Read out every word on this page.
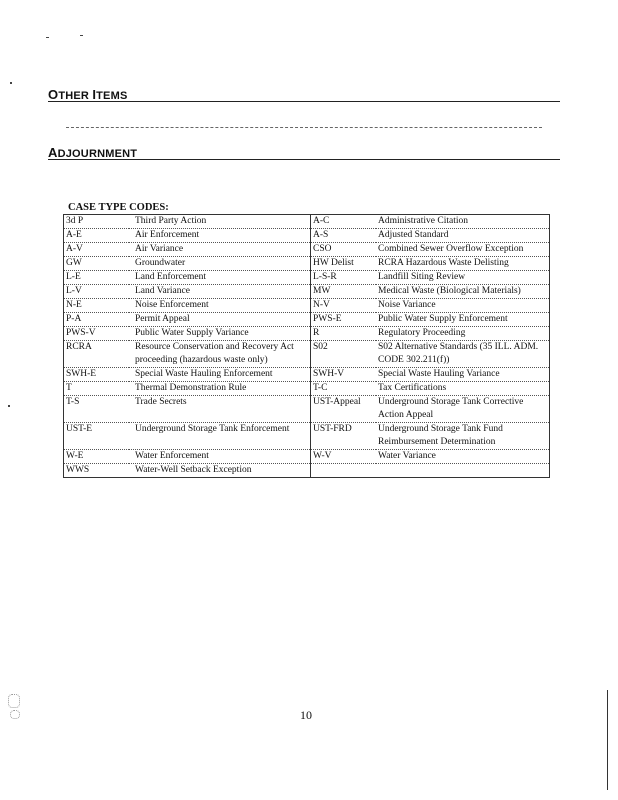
OTHER ITEMS
ADJOURNMENT
CASE TYPE CODES:
3d P	Third Party Action	A-C	Administrative Citation
A-E	Air Enforcement	A-S	Adjusted Standard
A-V	Air Variance	CSO	Combined Sewer Overflow Exception
GW	Groundwater	HW Delist	RCRA Hazardous Waste Delisting
L-E	Land Enforcement	L-S-R	Landfill Siting Review
L-V	Land Variance	MW	Medical Waste (Biological Materials)
N-E	Noise Enforcement	N-V	Noise Variance
P-A	Permit Appeal	PWS-E	Public Water Supply Enforcement
PWS-V	Public Water Supply Variance	R	Regulatory Proceeding
RCRA	Resource Conservation and Recovery Act proceeding (hazardous waste only)	S02	S02 Alternative Standards (35 ILL. ADM. CODE 302.211(f))
SWH-E	Special Waste Hauling Enforcement	SWH-V	Special Waste Hauling Variance
T	Thermal Demonstration Rule	T-C	Tax Certifications
T-S	Trade Secrets	UST-Appeal	Underground Storage Tank Corrective Action Appeal
UST-E	Underground Storage Tank Enforcement	UST-FRD	Underground Storage Tank Fund Reimbursement Determination
W-E	Water Enforcement	W-V	Water Variance
WWS	Water-Well Setback Exception		
10
